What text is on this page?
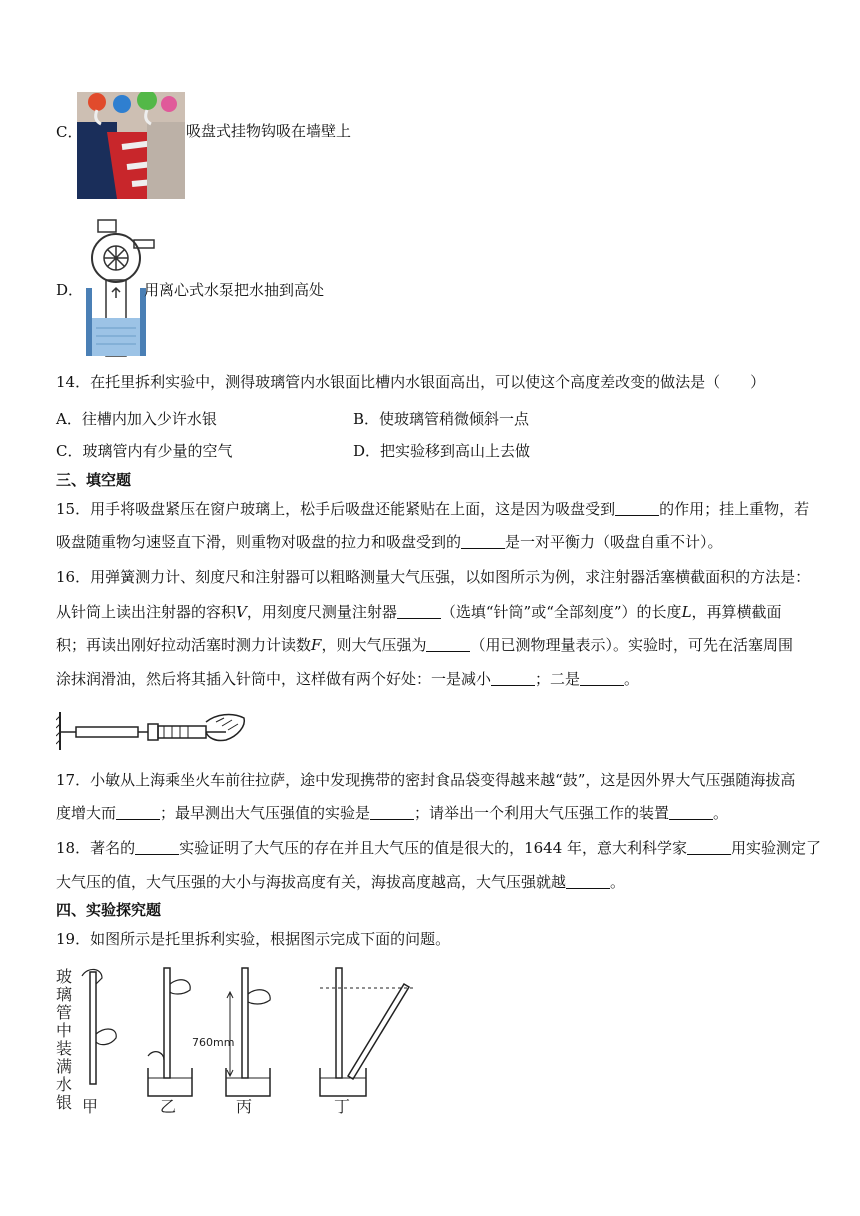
C．	吸盘式挂物钩吸在墙壁上
D．	用离心式水泵把水抽到高处
14．在托里拆利实验中，测得玻璃管内水银面比槽内水银面高出，可以使这个高度差改变的做法是（　　）
A．往槽内加入少许水银	B．使玻璃管稍微倾斜一点
C．玻璃管内有少量的空气	D．把实验移到高山上去做
三、填空题
15．用手将吸盘紧压在窗户玻璃上，松手后吸盘还能紧贴在上面，这是因为吸盘受到	的作用；挂上重物，若
吸盘随重物匀速竖直下滑，则重物对吸盘的拉力和吸盘受到的	是一对平衡力（吸盘自重不计）。
16．用弹簧测力计、刻度尺和注射器可以粗略测量大气压强，以如图所示为例，求注射器活塞横截面积的方法是：
从针筒上读出注射器的容积V，用刻度尺测量注射器	（选填“针筒”或“全部刻度”）的长度L，再算横截面
积；再读出刚好拉动活塞时测力计读数F，则大气压强为	（用已测物理量表示）。实验时，可先在活塞周围
涂抹润滑油，然后将其插入针筒中，这样做有两个好处：一是减小	；二是	。
17．小敏从上海乘坐火车前往拉萨，途中发现携带的密封食品袋变得越来越“鼓”，这是因外界大气压强随海拔高
度增大而	；最早测出大气压强值的实验是	；请举出一个利用大气压强工作的装置	。
18．著名的	实验证明了大气压的存在并且大气压的值是很大的，1644 年，意大利科学家	用实验测定了
大气压的值，大气压强的大小与海拔高度有关，海拔高度越高，大气压强就越	。
四、实验探究题
19．如图所示是托里拆利实验，根据图示完成下面的问题。
玻
璃
管
中
装
满
水
银 甲	乙
760mm
丙	丁
